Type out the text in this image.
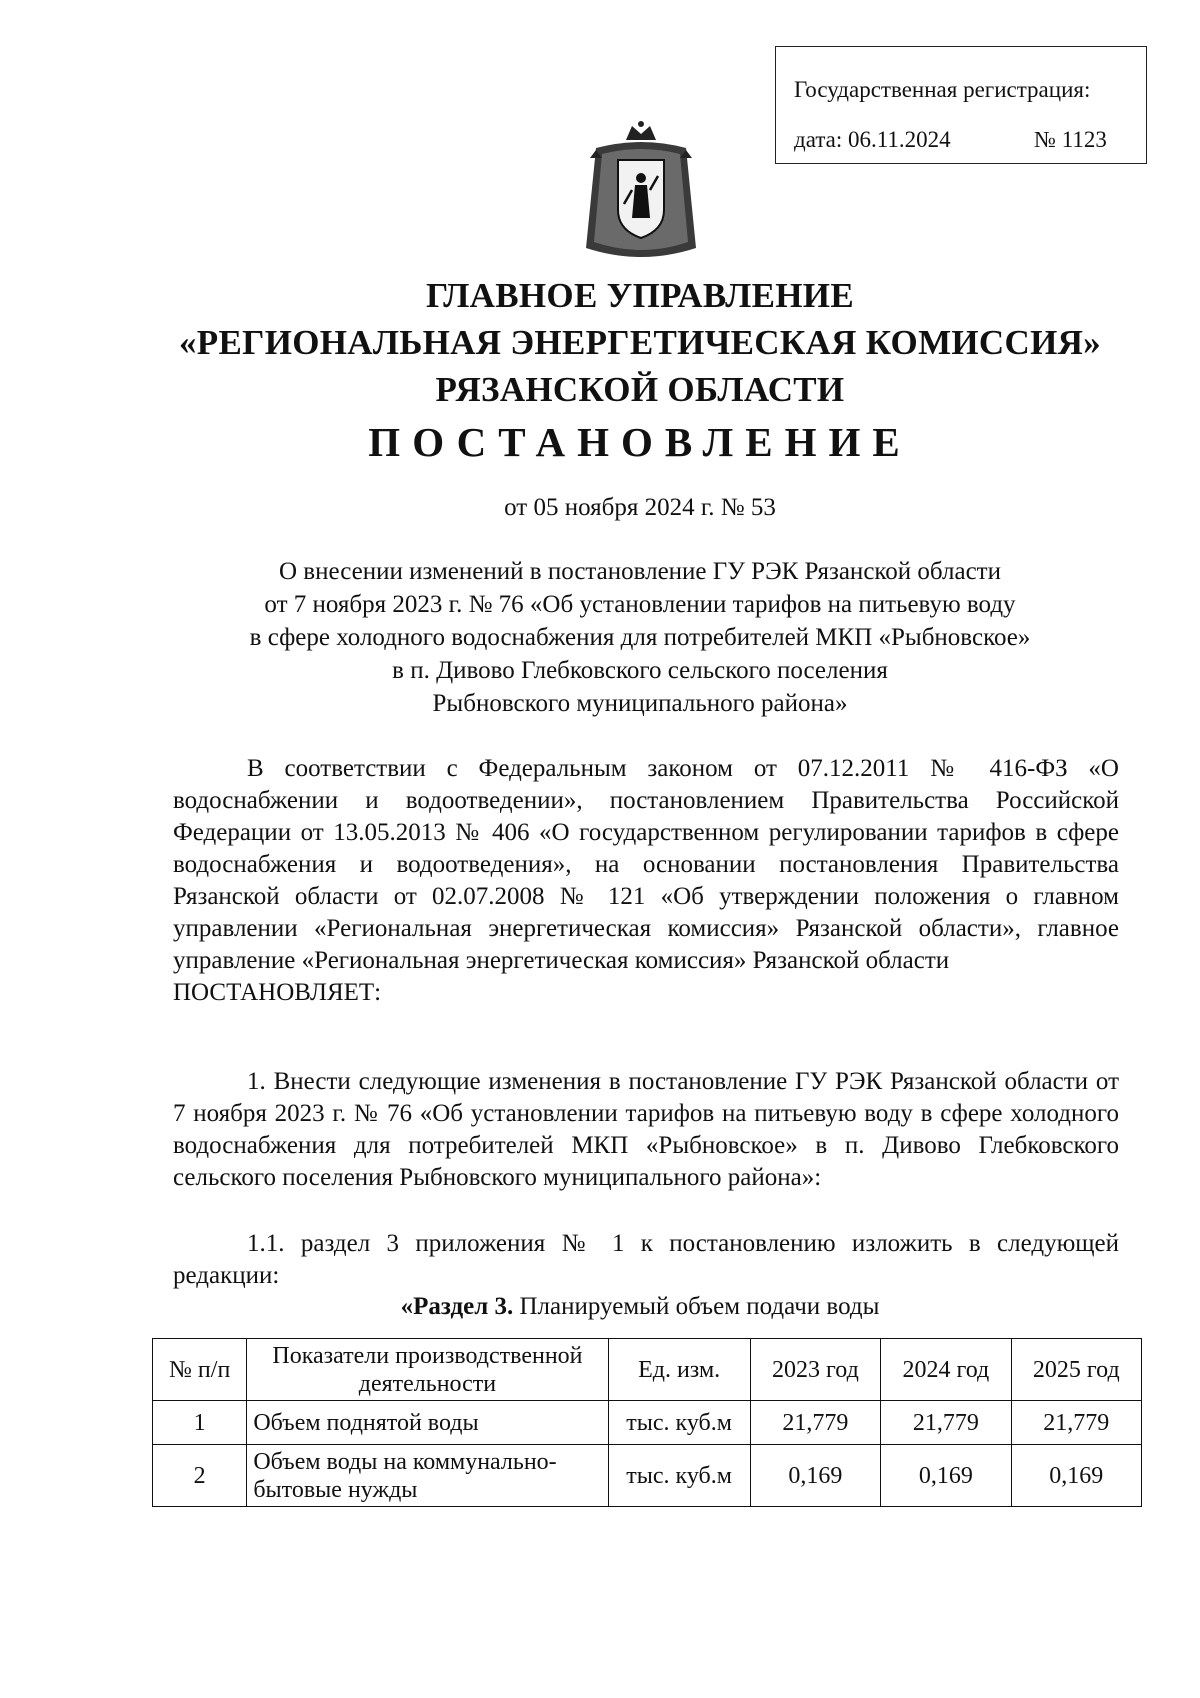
Государственная регистрация:
дата: 06.11.2024	№ 1123
ГЛАВНОЕ УПРАВЛЕНИЕ
«РЕГИОНАЛЬНАЯ ЭНЕРГЕТИЧЕСКАЯ КОМИССИЯ»
РЯЗАНСКОЙ ОБЛАСТИ
ПОСТАНОВЛЕНИЕ
от 05 ноября 2024 г. № 53
О внесении изменений в постановление ГУ РЭК Рязанской области
от 7 ноября 2023 г. № 76 «Об установлении тарифов на питьевую воду
в сфере холодного водоснабжения для потребителей МКП «Рыбновское»
в п. Дивово Глебковского сельского поселения
Рыбновского муниципального района»
В соответствии с Федеральным законом от 07.12.2011 № 416-ФЗ «О водоснабжении и водоотведении», постановлением Правительства Российской Федерации от 13.05.2013 № 406 «О государственном регулировании тарифов в сфере водоснабжения и водоотведения», на основании постановления Правительства Рязанской области от 02.07.2008 № 121 «Об утверждении положения о главном управлении «Региональная энергетическая комиссия» Рязанской области», главное управление «Региональная энергетическая комиссия» Рязанской области
ПОСТАНОВЛЯЕТ:
1. Внести следующие изменения в постановление ГУ РЭК Рязанской области от 7 ноября 2023 г. № 76 «Об установлении тарифов на питьевую воду в сфере холодного водоснабжения для потребителей МКП «Рыбновское» в п. Дивово Глебковского сельского поселения Рыбновского муниципального района»:
1.1. раздел 3 приложения № 1 к постановлению изложить в следующей редакции:
«Раздел 3. Планируемый объем подачи воды
№ п/п	Показатели производственной деятельности	Ед. изм.	2023 год	2024 год	2025 год
1	Объем поднятой воды	тыс. куб.м	21,779	21,779	21,779
2	Объем воды на коммунально-бытовые нужды	тыс. куб.м	0,169	0,169	0,169
